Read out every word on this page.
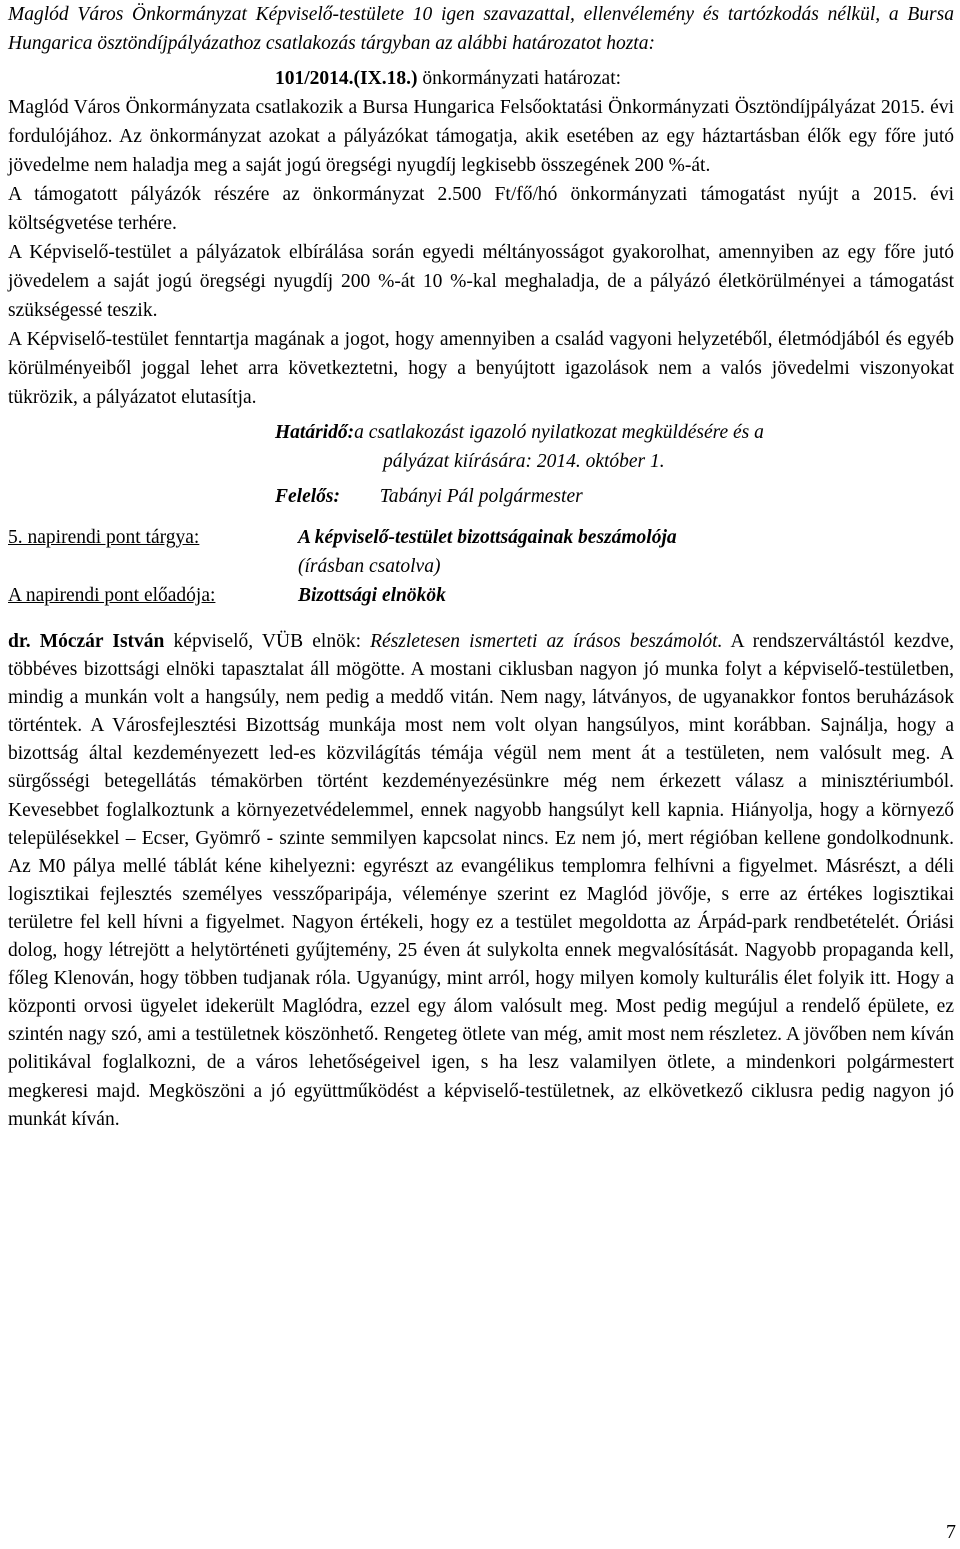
Maglód Város Önkormányzat Képviselő-testülete 10 igen szavazattal, ellenvélemény és tartózkodás nélkül, a Bursa Hungarica ösztöndíjpályázathoz csatlakozás tárgyban az alábbi határozatot hozta:
101/2014.(IX.18.) önkormányzati határozat:
Maglód Város Önkormányzata csatlakozik a Bursa Hungarica Felsőoktatási Önkormányzati Ösztöndíjpályázat 2015. évi fordulójához. Az önkormányzat azokat a pályázókat támogatja, akik esetében az egy háztartásban élők egy főre jutó jövedelme nem haladja meg a saját jogú öregségi nyugdíj legkisebb összegének 200 %-át.
A támogatott pályázók részére az önkormányzat 2.500 Ft/fő/hó önkormányzati támogatást nyújt a 2015. évi költségvetése terhére.
A Képviselő-testület a pályázatok elbírálása során egyedi méltányosságot gyakorolhat, amennyiben az egy főre jutó jövedelem a saját jogú öregségi nyugdíj 200 %-át 10 %-kal meghaladja, de a pályázó életkörülményei a támogatást szükségessé teszik.
A Képviselő-testület fenntartja magának a jogot, hogy amennyiben a család vagyoni helyzetéből, életmódjából és egyéb körülményeiből joggal lehet arra következtetni, hogy a benyújtott igazolások nem a valós jövedelmi viszonyokat tükrözik, a pályázatot elutasítja.
Határidő: a csatlakozást igazoló nyilatkozat megküldésére és a
pályázat kiírására: 2014. október 1.
Felelős: Tabányi Pál polgármester
5. napirendi pont tárgya:	A képviselő-testület bizottságainak beszámolója
(írásban csatolva)
A napirendi pont előadója:	Bizottsági elnökök
dr. Móczár István képviselő, VÜB elnök: Részletesen ismerteti az írásos beszámolót. A rendszerváltástól kezdve, többéves bizottsági elnöki tapasztalat áll mögötte. A mostani ciklusban nagyon jó munka folyt a képviselő-testületben, mindig a munkán volt a hangsúly, nem pedig a meddő vitán. Nem nagy, látványos, de ugyanakkor fontos beruházások történtek. A Városfejlesztési Bizottság munkája most nem volt olyan hangsúlyos, mint korábban. Sajnálja, hogy a bizottság által kezdeményezett led-es közvilágítás témája végül nem ment át a testületen, nem valósult meg. A sürgősségi betegellátás témakörben történt kezdeményezésünkre még nem érkezett válasz a minisztériumból. Kevesebbet foglalkoztunk a környezetvédelemmel, ennek nagyobb hangsúlyt kell kapnia. Hiányolja, hogy a környező településekkel – Ecser, Gyömrő - szinte semmilyen kapcsolat nincs. Ez nem jó, mert régióban kellene gondolkodnunk. Az M0 pálya mellé táblát kéne kihelyezni: egyrészt az evangélikus templomra felhívni a figyelmet. Másrészt, a déli logisztikai fejlesztés személyes vesszőparipája, véleménye szerint ez Maglód jövője, s erre az értékes logisztikai területre fel kell hívni a figyelmet. Nagyon értékeli, hogy ez a testület megoldotta az Árpád-park rendbetételét. Óriási dolog, hogy létrejött a helytörténeti gyűjtemény, 25 éven át sulykolta ennek megvalósítását. Nagyobb propaganda kell, főleg Klenován, hogy többen tudjanak róla. Ugyanúgy, mint arról, hogy milyen komoly kulturális élet folyik itt. Hogy a központi orvosi ügyelet idekerült Maglódra, ezzel egy álom valósult meg. Most pedig megújul a rendelő épülete, ez szintén nagy szó, ami a testületnek köszönhető. Rengeteg ötlete van még, amit most nem részletez. A jövőben nem kíván politikával foglalkozni, de a város lehetőségeivel igen, s ha lesz valamilyen ötlete, a mindenkori polgármestert megkeresi majd. Megköszöni a jó együttműködést a képviselő-testületnek, az elkövetkező ciklusra pedig nagyon jó munkát kíván.
7
